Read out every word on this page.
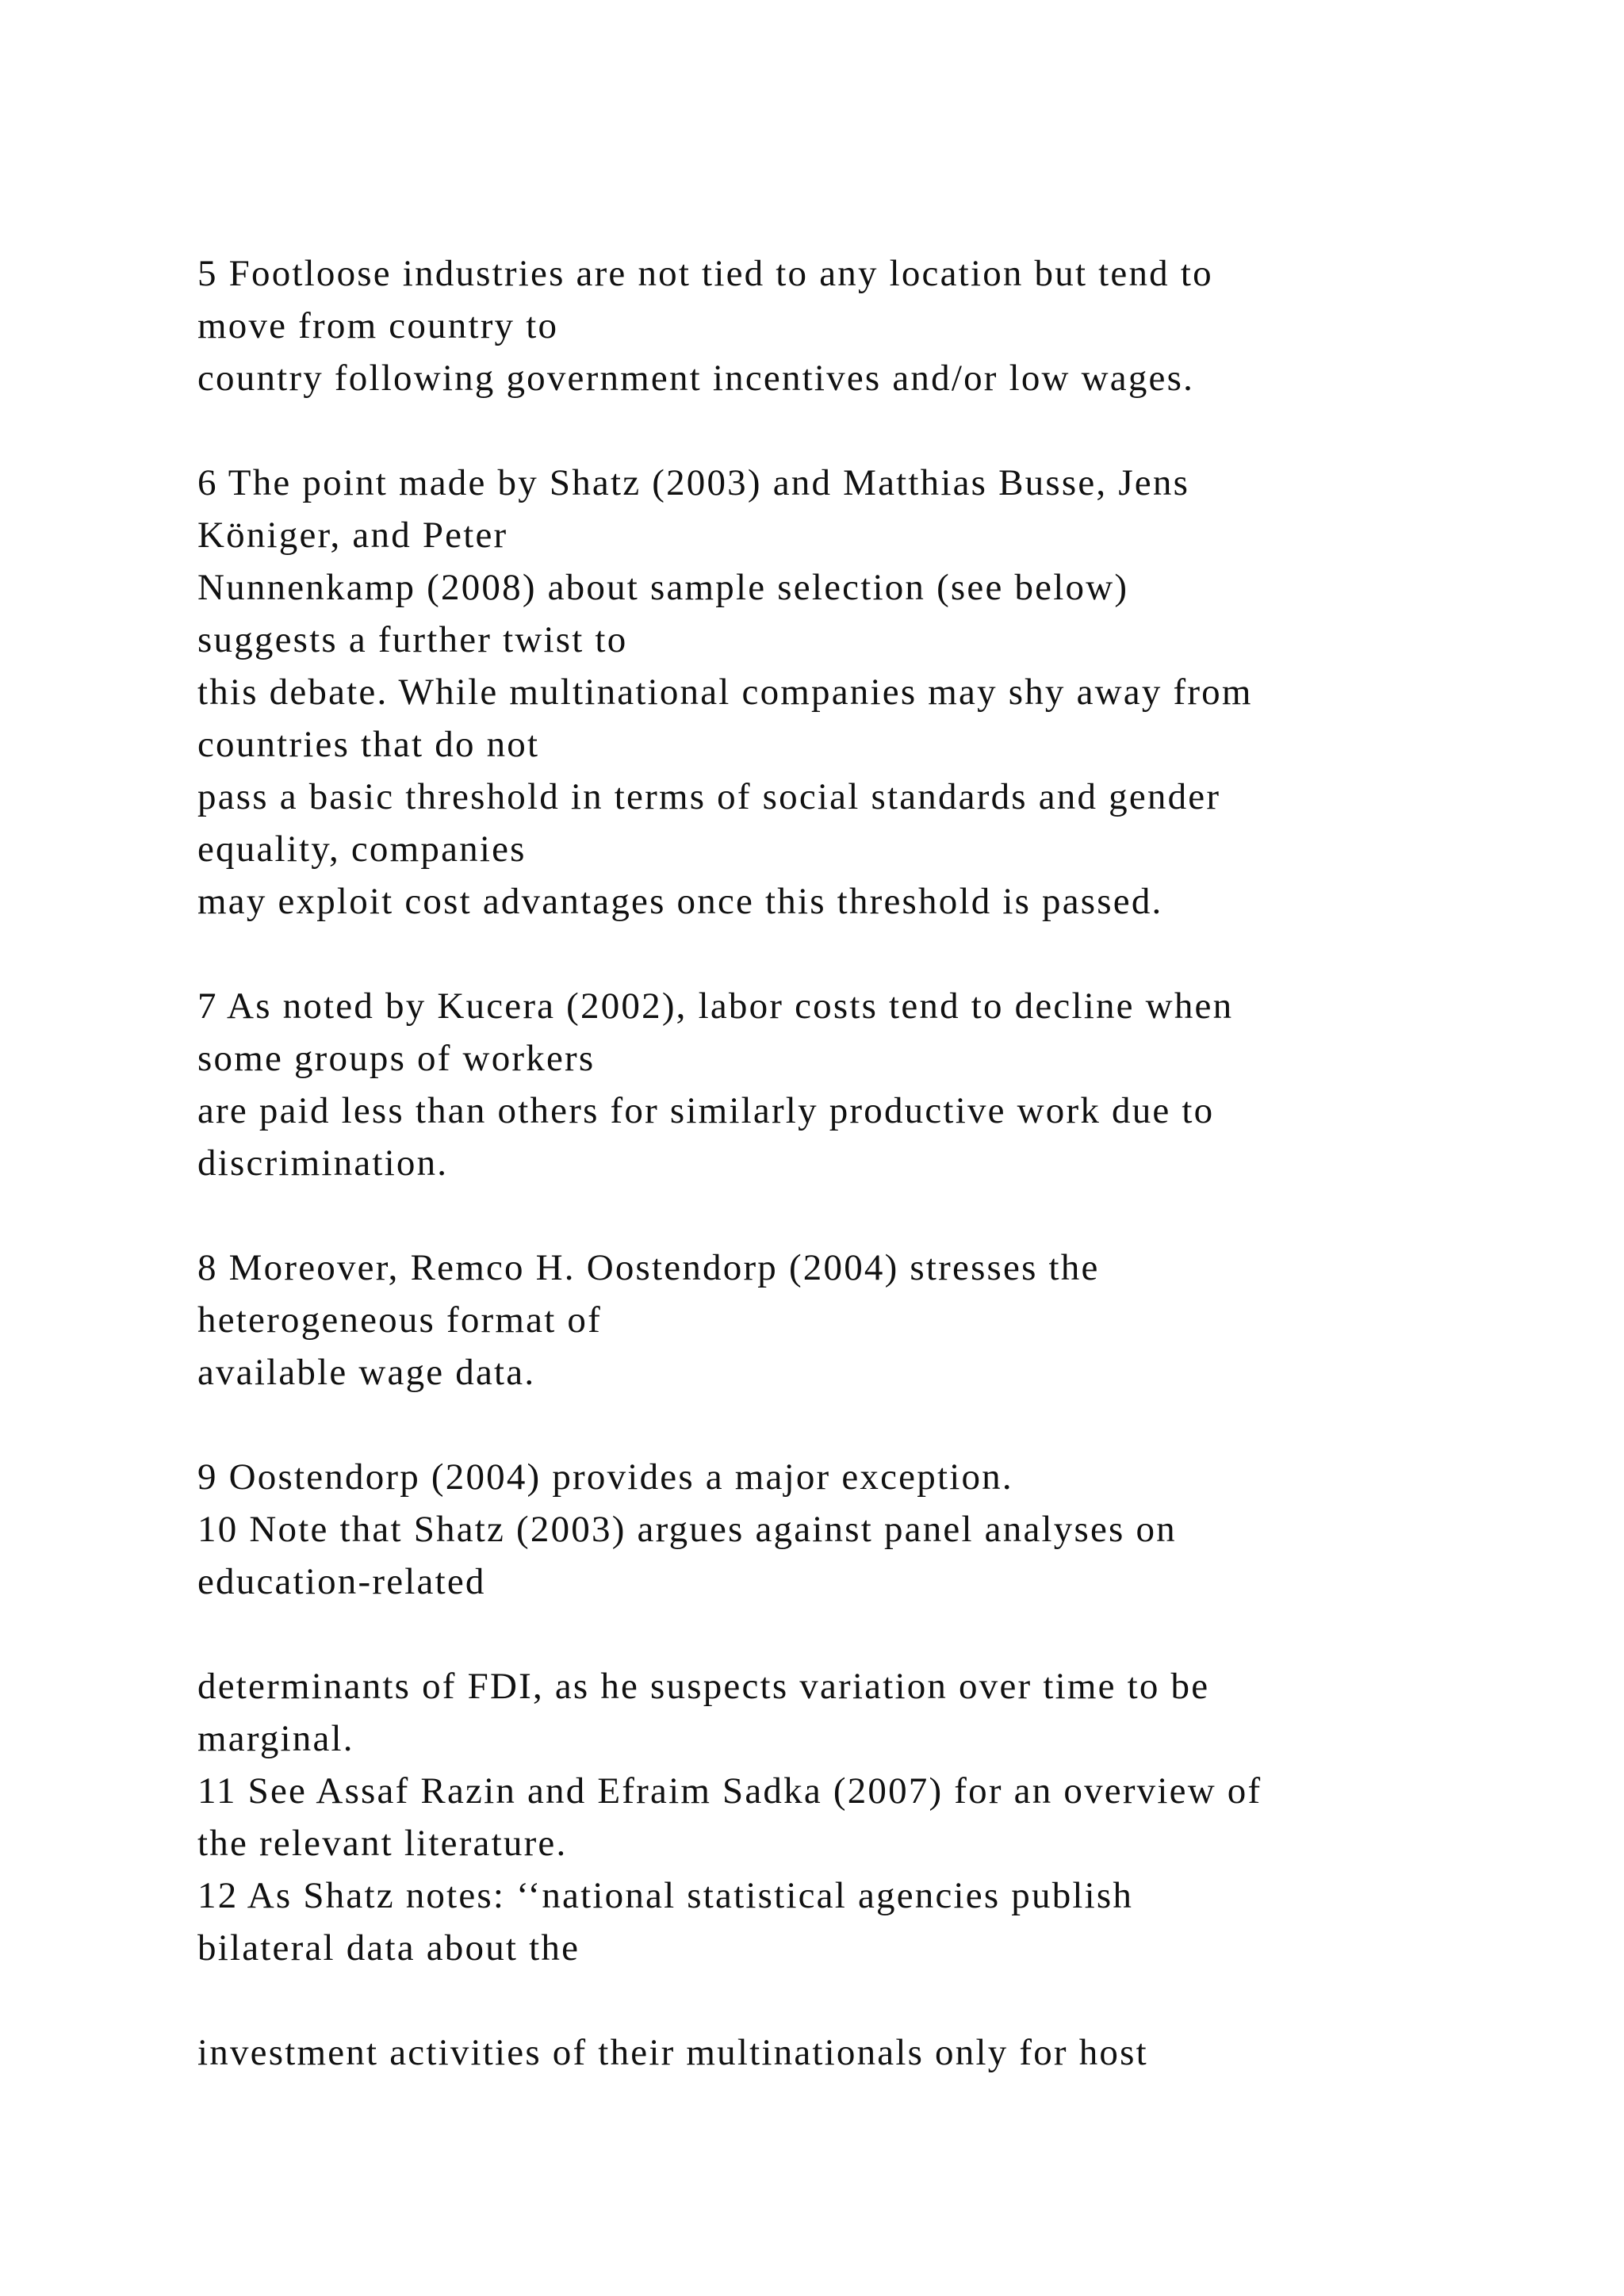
5 Footloose industries are not tied to any location but tend to
move from country to
country following government incentives and/or low wages.
6 The point made by Shatz (2003) and Matthias Busse, Jens
Königer, and Peter
Nunnenkamp (2008) about sample selection (see below)
suggests a further twist to
this debate. While multinational companies may shy away from
countries that do not
pass a basic threshold in terms of social standards and gender
equality, companies
may exploit cost advantages once this threshold is passed.
7 As noted by Kucera (2002), labor costs tend to decline when
some groups of workers
are paid less than others for similarly productive work due to
discrimination.
8 Moreover, Remco H. Oostendorp (2004) stresses the
heterogeneous format of
available wage data.
9 Oostendorp (2004) provides a major exception.
10 Note that Shatz (2003) argues against panel analyses on
education-related
determinants of FDI, as he suspects variation over time to be
marginal.
11 See Assaf Razin and Efraim Sadka (2007) for an overview of
the relevant literature.
12 As Shatz notes: ‘‘national statistical agencies publish
bilateral data about the
investment activities of their multinationals only for host
